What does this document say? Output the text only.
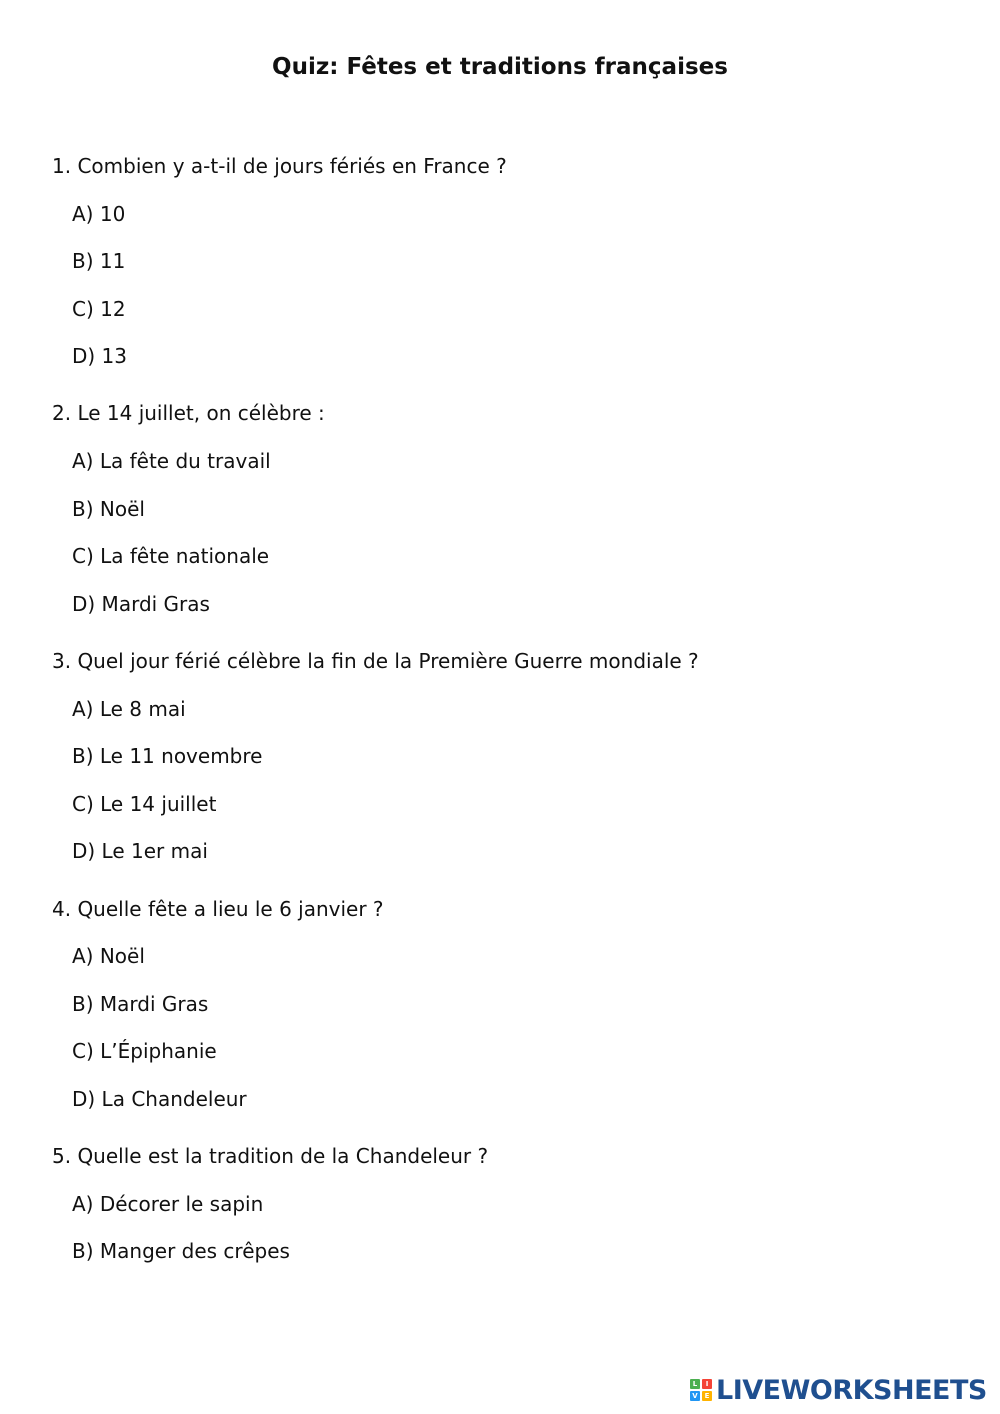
Quiz: Fêtes et traditions françaises
1. Combien y a-t-il de jours fériés en France ?
A) 10
B) 11
C) 12
D) 13
2. Le 14 juillet, on célèbre :
A) La fête du travail
B) Noël
C) La fête nationale
D) Mardi Gras
3. Quel jour férié célèbre la fin de la Première Guerre mondiale ?
A) Le 8 mai
B) Le 11 novembre
C) Le 14 juillet
D) Le 1er mai
4. Quelle fête a lieu le 6 janvier ?
A) Noël
B) Mardi Gras
C) L’Épiphanie
D) La Chandeleur
5. Quelle est la tradition de la Chandeleur ?
A) Décorer le sapin
B) Manger des crêpes
L	I
V E LIVEWORKSHEETS
